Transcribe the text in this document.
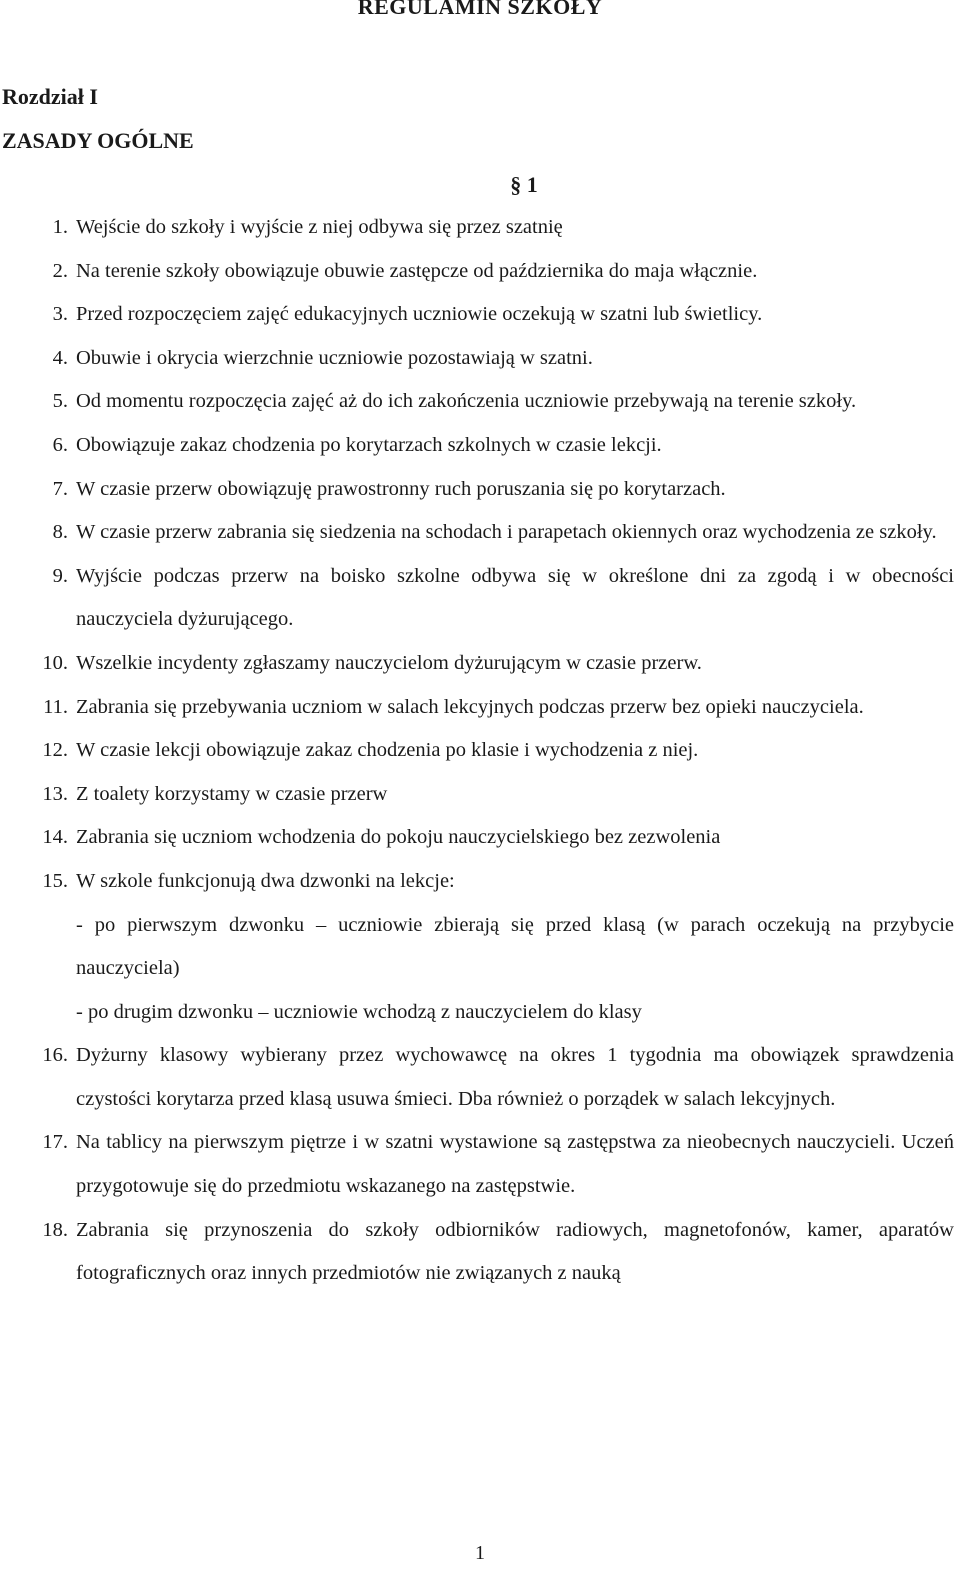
REGULAMIN SZKOŁY

Rozdział I

ZASADY OGÓLNE

§ 1

1. Wejście do szkoły i wyjście z niej odbywa się przez szatnię
2. Na terenie szkoły obowiązuje obuwie zastępcze od października do maja włącznie.
3. Przed rozpoczęciem zajęć edukacyjnych uczniowie oczekują w szatni lub świetlicy.
4. Obuwie i okrycia wierzchnie uczniowie pozostawiają w szatni.
5. Od momentu rozpoczęcia zajęć aż do ich zakończenia uczniowie przebywają na terenie szkoły.
6. Obowiązuje zakaz chodzenia po korytarzach szkolnych w czasie lekcji.
7. W czasie przerw obowiązuję prawostronny ruch poruszania się po korytarzach.
8. W czasie przerw zabrania się siedzenia na schodach i parapetach okiennych oraz wychodzenia ze szkoły.
9. Wyjście podczas przerw na boisko szkolne odbywa się w określone dni za zgodą i w obecności nauczyciela dyżurującego.
10. Wszelkie incydenty zgłaszamy nauczycielom dyżurującym w czasie przerw.
11. Zabrania się przebywania uczniom w salach lekcyjnych podczas przerw bez opieki nauczyciela.
12. W czasie lekcji obowiązuje zakaz chodzenia po klasie i wychodzenia z niej.
13. Z toalety korzystamy w czasie przerw
14. Zabrania się uczniom wchodzenia do pokoju nauczycielskiego bez zezwolenia
15. W szkole funkcjonują dwa dzwonki na lekcje:
- po pierwszym dzwonku – uczniowie zbierają się przed klasą (w parach oczekują na przybycie nauczyciela)
- po drugim dzwonku – uczniowie wchodzą z nauczycielem do klasy
16. Dyżurny klasowy wybierany przez wychowawcę na okres 1 tygodnia ma obowiązek sprawdzenia czystości korytarza przed klasą usuwa śmieci. Dba również o porządek w salach lekcyjnych.
17. Na tablicy na pierwszym piętrze i w szatni wystawione są zastępstwa za nieobecnych nauczycieli. Uczeń przygotowuje się do przedmiotu wskazanego na zastępstwie.
18. Zabrania się przynoszenia do szkoły odbiorników radiowych, magnetofonów, kamer, aparatów fotograficznych oraz innych przedmiotów nie związanych z nauką

1
